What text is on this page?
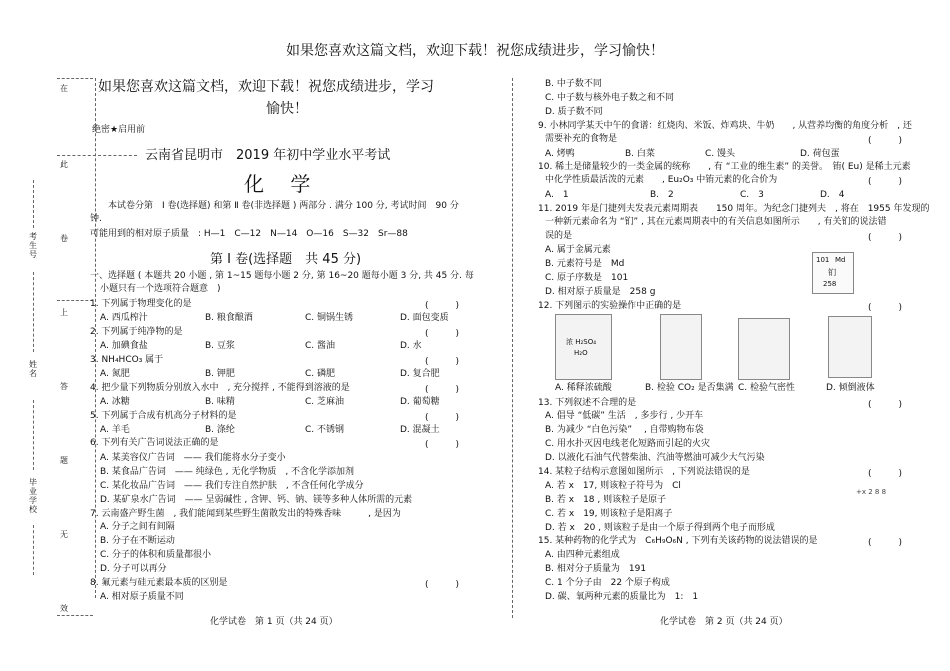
如果您喜欢这篇文档，欢迎下载！祝您成绩进步，学习愉快！
在
此
卷
上
答
题
无
效
考生号
姓名
毕业学校
如果您喜欢这篇文档，欢迎下载！祝您成绩进步，学习
愉快！
绝密★启用前
云南省昆明市　2019 年初中学业水平考试
化 学
本试卷分第　Ⅰ 卷(选择题) 和第 Ⅱ 卷(非选择题 ) 两部分 . 满分 100 分, 考试时间　90 分
钟.
可能用到的相对原子质量　: H—1　C—12　N—14　O—16　S—32　Sr—88
第 Ⅰ 卷(选择题　共 45 分)
一、选择题 ( 本题共 20 小题 , 第 1~15 题每小题 2 分, 第 16~20 题每小题 3 分, 共 45 分. 每
小题只有一个选项符合题意　)
1. 下列属于物理变化的是	(　　　)
A. 西瓜榨汁	B. 粮食酿酒	C. 铜锅生锈	D. 面包变质
2. 下列属于纯净物的是	(　　　)
A. 加碘食盐	B. 豆浆	C. 酱油	D. 水
3. NH₄HCO₃ 属于	(　　　)
A. 氮肥	B. 钾肥	C. 磷肥	D. 复合肥
4. 把少量下列物质分别放入水中　, 充分搅拌 , 不能得到溶液的是	(　　　)
A. 冰糖	B. 味精	C. 芝麻油	D. 葡萄糖
5. 下列属于合成有机高分子材料的是	(　　　)
A. 羊毛	B. 涤纶	C. 不锈钢	D. 混凝土
(　　　)
6. 下列有关广告词说法正确的是
A. 某美容仪广告词　—— 我们能将水分子变小
B. 某食品广告词　—— 纯绿色 , 无化学物质　, 不含化学添加剂
C. 某化妆品广告词　—— 我们专注自然护肤　, 不含任何化学成分
D. 某矿泉水广告词　—— 呈弱碱性 , 含钾、钙、钠、镁等多种人体所需的元素
7. 云南盛产野生菌　, 我们能闻到某些野生菌散发出的特殊香味　　　, 是因为
A. 分子之间有间隔
B. 分子在不断运动
C. 分子的体积和质量都很小
D. 分子可以再分
8. 氟元素与硅元素最本质的区别是	(　　　)
A. 相对原子质量不同
化学试卷　第 1 页（共 24 页）
B. 中子数不同
C. 中子数与核外电子数之和不同
D. 质子数不同
9. 小林同学某天中午的食谱：红烧肉、米饭、炸鸡块、牛奶　　, 从营养均衡的角度分析　, 还
需要补充的食物是	(　　　)
A. 烤鸭	B. 白菜	C. 馒头	D. 荷包蛋
10. 稀土是储量较少的一类金属的统称　　, 有 “工业的维生素” 的美誉。　铕( Eu) 是稀土元素
中化学性质最活泼的元素　　, Eu₂O₃ 中铕元素的化合价为	(　　　)
A.　1	B.　2	C.　3	D.　4
11. 2019 年是门捷列夫发表元素周期表　　150 周年。为纪念门捷列夫　, 将在　1955 年发现的
一种新元素命名为 “钔” , 其在元素周期表中的有关信息如图所示　　, 有关钔的说法错
误的是	(　　　)
A. 属于金属元素
B. 元素符号是　Md
C. 原子序数是　101
D. 相对原子质量是　258 g
101 Md
钔
258
12. 下列图示的实验操作中正确的是	(　　　)
浓 H₂SO₄
H₂O
A. 稀释浓硫酸	B. 检验 CO₂ 是否集满 C. 检验气密性	D. 倾倒液体
13. 下列叙述不合理的是	(　　　)
A. 倡导 “低碳” 生活　, 多步行 , 少开车
B. 为减少 “白色污染” 　, 自带购物布袋
C. 用水扑灭因电线老化短路而引起的火灾
D. 以液化石油气代替柴油、汽油等燃油可减少大气污染
14. 某粒子结构示意图如图所示　, 下列说法错误的是	(　　　)
A. 若 x　17, 则该粒子符号为　Cl
B. 若 x　18 , 则该粒子是原子
C. 若 x　19, 则该粒子是阳离子
D. 若 x　20 , 则该粒子是由一个原子得到两个电子而形成
+x 2 8 8
15. 某种药物的化学式为　C₆H₉O₆N , 下列有关该药物的说法错误的是	(　　　)
A. 由四种元素组成
B. 相对分子质量为　191
C. 1 个分子由　22 个原子构成
D. 碳、氧两种元素的质量比为　1:　1
化学试卷　第 2 页（共 24 页）
